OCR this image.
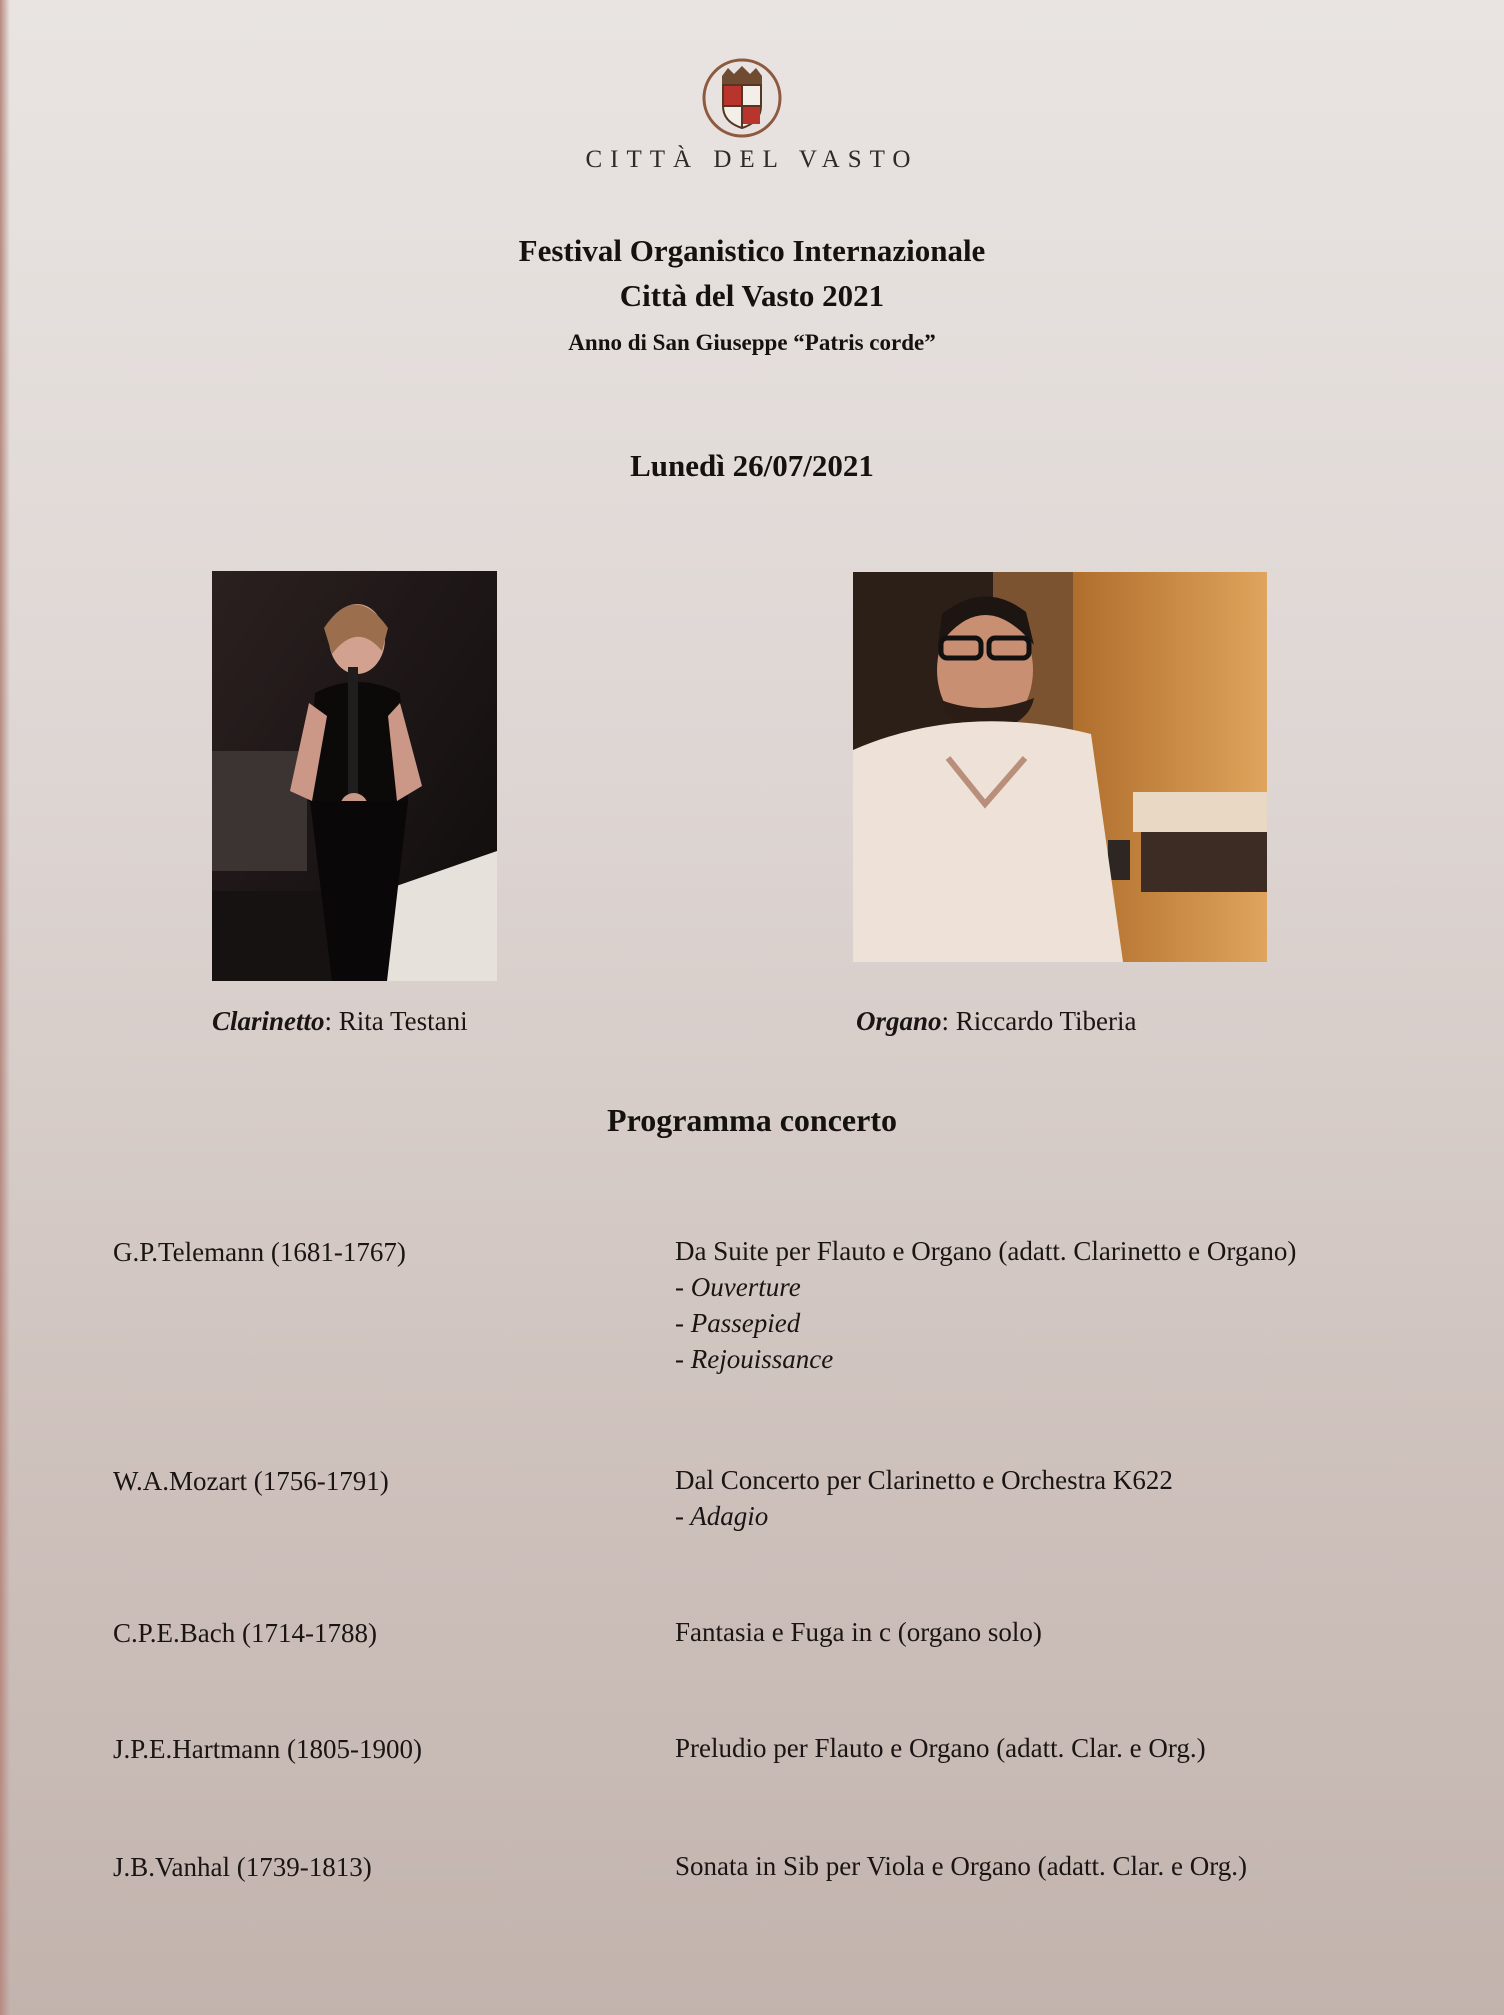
CITTÀ DEL VASTO
Festival Organistico Internazionale
Città del Vasto 2021
Anno di San Giuseppe “Patris corde”
Lunedì 26/07/2021
Clarinetto: Rita Testani	Organo: Riccardo Tiberia
Programma concerto
G.P.Telemann (1681-1767)	Da Suite per Flauto e Organo (adatt. Clarinetto e Organo)
- Ouverture
- Passepied
- Rejouissance
W.A.Mozart (1756-1791)	Dal Concerto per Clarinetto e Orchestra K622
- Adagio
C.P.E.Bach (1714-1788)	Fantasia e Fuga in c (organo solo)
J.P.E.Hartmann (1805-1900)	Preludio per Flauto e Organo (adatt. Clar. e Org.)
J.B.Vanhal (1739-1813)	Sonata in Sib per Viola e Organo (adatt. Clar. e Org.)
